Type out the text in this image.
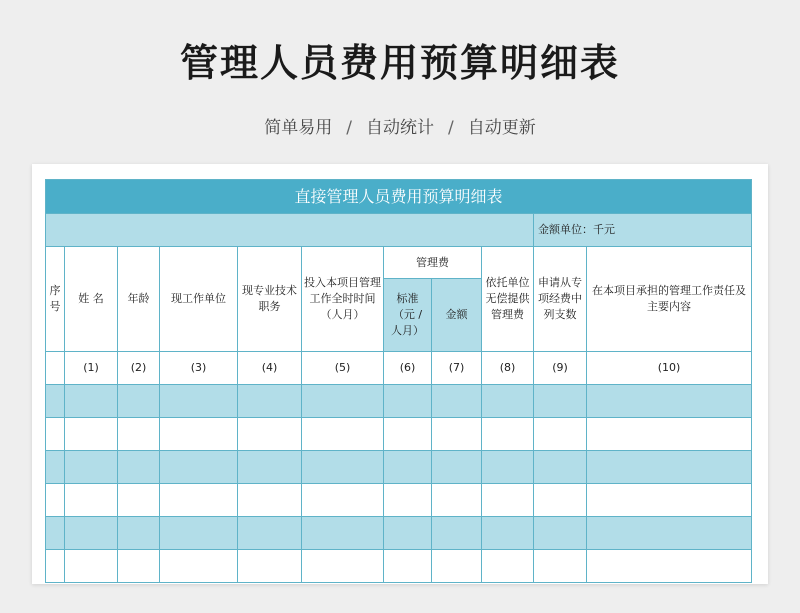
管理人员费用预算明细表
简单易用 / 自动统计 / 自动更新
直接管理人员费用预算明细表										
									金额单位：千元	
序号	姓 名	年龄	现工作单位	现专业技术职务	投入本项目管理工作全时时间（人月）	管理费		依托单位无偿提供管理费	申请从专项经费中列支数	在本项目承担的管理工作责任及主要内容
						标准（元 / 人月）	金额			
	(1)	(2)	(3)	(4)	(5)	(6)	(7)	(8)	(9)	(10)
